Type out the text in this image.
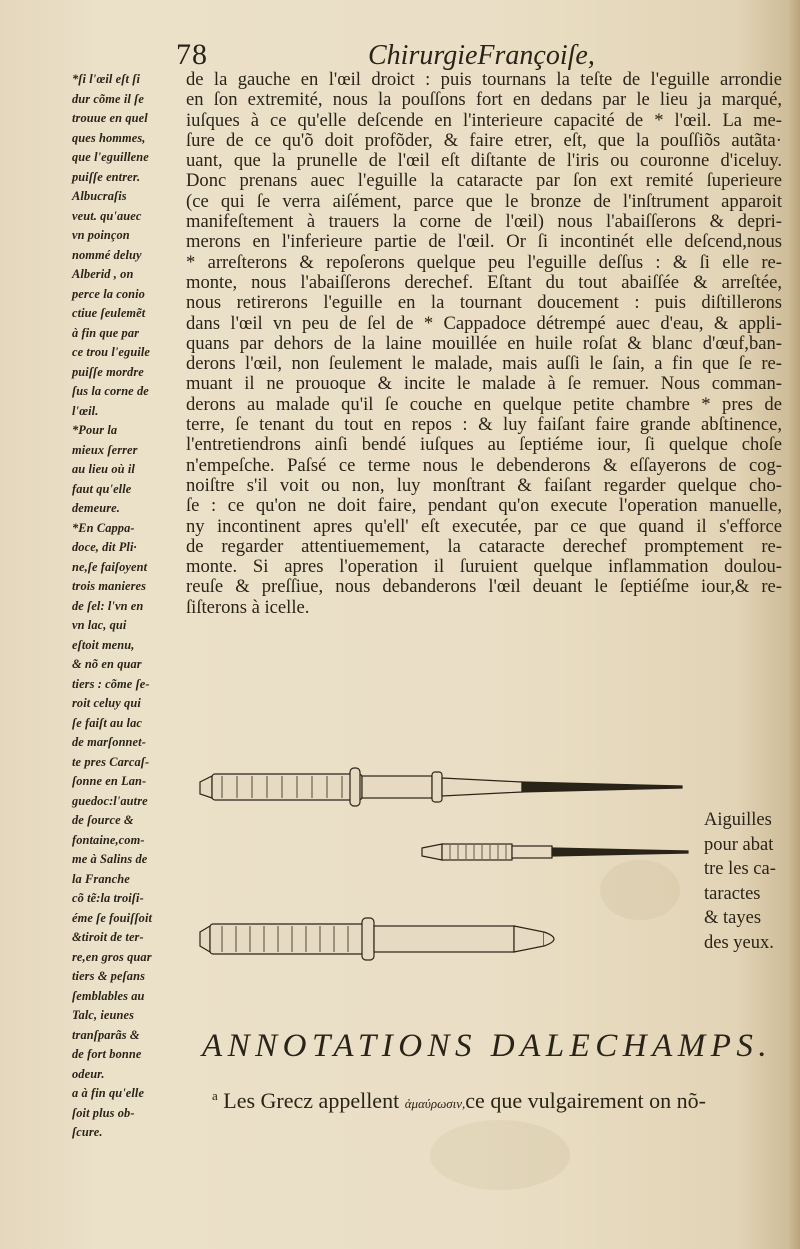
78	ChirurgieFrançoiſe,
*ſi l'œil eſt ſi
dur cõme il ſe
trouue en quel
ques hommes,
que l'eguillene
puiſſe entrer.
Albucraſis
veut. qu'auec
vn poinçon
nommé deluy
Alberid , on
perce la conio
ctiue ſeulemẽt
à fin que par
ce trou l'eguile
puiſſe mordre
ſus la corne de
l'œil.
*Pour la
mieux ſerrer
au lieu où il
faut qu'elle
demeure.
*En Cappa-
doce, dit Pli·
ne,ſe faiſoyent
trois manieres
de ſel: l'vn en
vn lac, qui
eſtoit menu,
& nõ en quar
tiers : cõme ſe-
roit celuy qui
ſe faiſt au lac
de marſonnet-
te pres Carcaſ-
ſonne en Lan-
guedoc:l'autre
de ſource &
fontaine,com-
me à Salins de
la Franche
cõ tẽ:la troiſi-
éme ſe fouiſſoit
&tiroit de ter-
re,en gros quar
tiers & peſans
ſemblables au
Talc, ieunes
tranſparãs &
de fort bonne
odeur.
a à fin qu'elle
ſoit plus ob-
ſcure.
de la gauche en l'œil droict : puis tournans la teſte de l'eguille arrondie
en ſon extremité, nous la pouſſons fort en dedans par le lieu ja marqué,
iuſques à ce qu'elle deſcende en l'interieure capacité de * l'œil. La me-
ſure de ce qu'õ doit profõder, & faire etrer, eſt, que la pouſſiõs autãta·
uant, que la prunelle de l'œil eſt diſtante de l'iris ou couronne d'iceluy.
Donc prenans auec l'eguille la cataracte par ſon ext remité ſuperieure
(ce qui ſe verra aiſément, parce que le bronze de l'inſtrument apparoit
manifeſtement à trauers la corne de l'œil) nous l'abaiſſerons & depri-
merons en l'inferieure partie de l'œil. Or ſi incontinét elle deſcend,nous
* arreſterons & repoſerons quelque peu l'eguille deſſus : & ſi elle re-
monte, nous l'abaiſſerons derechef. Eſtant du tout abaiſſée & arreſtée,
nous retirerons l'eguille en la tournant doucement : puis diſtillerons
dans l'œil vn peu de ſel de * Cappadoce détrempé auec d'eau, & appli-
quans par dehors de la laine mouillée en huile roſat & blanc d'œuf,ban-
derons l'œil, non ſeulement le malade, mais auſſi le ſain, a fin que ſe re-
muant il ne prouoque & incite le malade à ſe remuer. Nous comman-
derons au malade qu'il ſe couche en quelque petite chambre * pres de
terre, ſe tenant du tout en repos : & luy faiſant faire grande abſtinence,
l'entretiendrons ainſi bendé iuſques au ſeptiéme iour, ſi quelque choſe
n'empeſche. Paſsé ce terme nous le debenderons & eſſayerons de cog-
noiſtre s'il voit ou non, luy monſtrant & faiſant regarder quelque cho-
ſe : ce qu'on ne doit faire, pendant qu'on execute l'operation manuelle,
ny incontinent apres qu'ell' eſt executée, par ce que quand il s'efforce
de regarder attentiuemement, la cataracte derechef promptement re-
monte. Si apres l'operation il ſuruient quelque inflammation doulou-
reuſe & preſſiue, nous debanderons l'œil deuant le ſeptiéſme iour,& re-
ſiſterons à icelle.
Aiguilles
pour abat
tre les ca-
taractes
& tayes
des yeux.
ANNOTATIONS DALECHAMPS.
$^a$ Les Grecz appellent ἀμαύρωσιν,ce que vulgairement on nõ-
